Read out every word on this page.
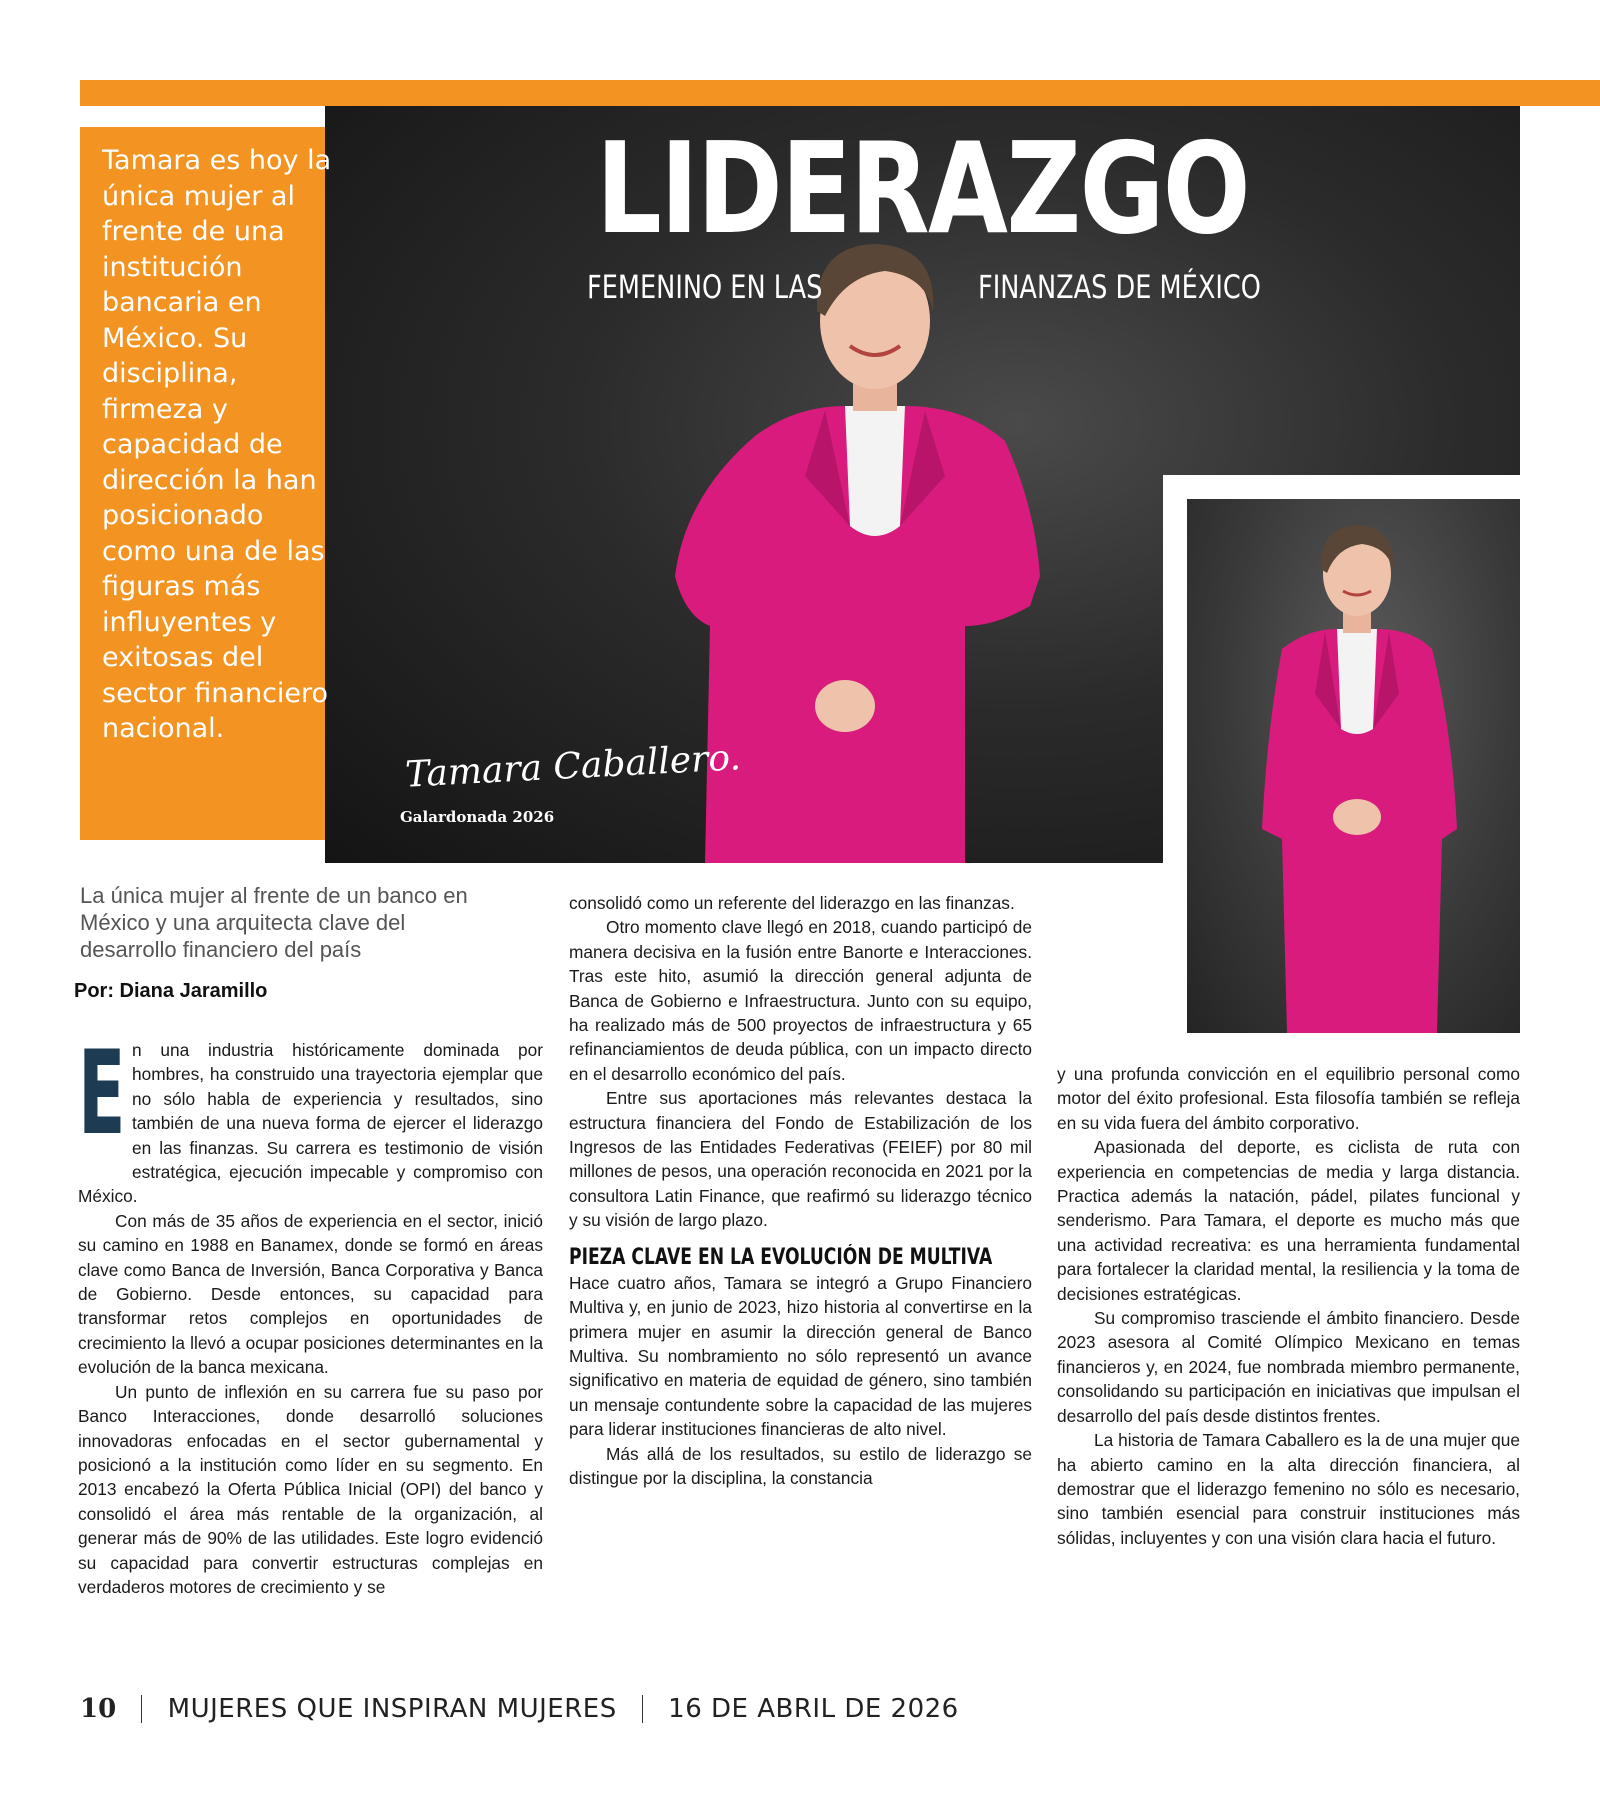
LIDERAZGO
FEMENINO EN LAS	FINANZAS DE MÉXICO
Tamara Caballero.
Galardonada 2026
Tamara es hoy la única mujer al frente de una institución bancaria en México. Su disciplina, firmeza y capacidad de dirección la han posicionado como una de las figuras más influyentes y exitosas del sector financiero nacional.
La única mujer al frente de un banco en México y una arquitecta clave del desarrollo financiero del país
Por: Diana Jaramillo

En una industria históricamente dominada por hombres, ha construido una trayectoria ejemplar que no sólo habla de experiencia y resultados, sino también de una nueva forma de ejercer el liderazgo en las finanzas. Su carrera es testimonio de visión estratégica, ejecución impecable y compromiso con México.

Con más de 35 años de experiencia en el sector, inició su camino en 1988 en Banamex, donde se formó en áreas clave como Banca de Inversión, Banca Corporativa y Banca de Gobierno. Desde entonces, su capacidad para transformar retos complejos en oportunidades de crecimiento la llevó a ocupar posiciones determinantes en la evolución de la banca mexicana.

Un punto de inflexión en su carrera fue su paso por Banco Interacciones, donde desarrolló soluciones innovadoras enfocadas en el sector gubernamental y posicionó a la institución como líder en su segmento. En 2013 encabezó la Oferta Pública Inicial (OPI) del banco y consolidó el área más rentable de la organización, al generar más de 90% de las utilidades. Este logro evidenció su capacidad para convertir estructuras complejas en verdaderos motores de crecimiento y se

consolidó como un referente del liderazgo en las finanzas.

Otro momento clave llegó en 2018, cuando participó de manera decisiva en la fusión entre Banorte e Interacciones. Tras este hito, asumió la dirección general adjunta de Banca de Gobierno e Infraestructura. Junto con su equipo, ha realizado más de 500 proyectos de infraestructura y 65 refinanciamientos de deuda pública, con un impacto directo en el desarrollo económico del país.

Entre sus aportaciones más relevantes destaca la estructura financiera del Fondo de Estabilización de los Ingresos de las Entidades Federativas (FEIEF) por 80 mil millones de pesos, una operación reconocida en 2021 por la consultora Latin Finance, que reafirmó su liderazgo técnico y su visión de largo plazo.

PIEZA CLAVE EN LA EVOLUCIÓN DE MULTIVA

Hace cuatro años, Tamara se integró a Grupo Financiero Multiva y, en junio de 2023, hizo historia al convertirse en la primera mujer en asumir la dirección general de Banco Multiva. Su nombramiento no sólo representó un avance significativo en materia de equidad de género, sino también un mensaje contundente sobre la capacidad de las mujeres para liderar instituciones financieras de alto nivel.

Más allá de los resultados, su estilo de liderazgo se distingue por la disciplina, la constancia

y una profunda convicción en el equilibrio personal como motor del éxito profesional. Esta filosofía también se refleja en su vida fuera del ámbito corporativo.

Apasionada del deporte, es ciclista de ruta con experiencia en competencias de media y larga distancia. Practica además la natación, pádel, pilates funcional y senderismo. Para Tamara, el deporte es mucho más que una actividad recreativa: es una herramienta fundamental para fortalecer la claridad mental, la resiliencia y la toma de decisiones estratégicas.

Su compromiso trasciende el ámbito financiero. Desde 2023 asesora al Comité Olímpico Mexicano en temas financieros y, en 2024, fue nombrada miembro permanente, consolidando su participación en iniciativas que impulsan el desarrollo del país desde distintos frentes.

La historia de Tamara Caballero es la de una mujer que ha abierto camino en la alta dirección financiera, al demostrar que el liderazgo femenino no sólo es necesario, sino también esencial para construir instituciones más sólidas, incluyentes y con una visión clara hacia el futuro.

10 MUJERES QUE INSPIRAN MUJERES 16 DE ABRIL DE 2026
